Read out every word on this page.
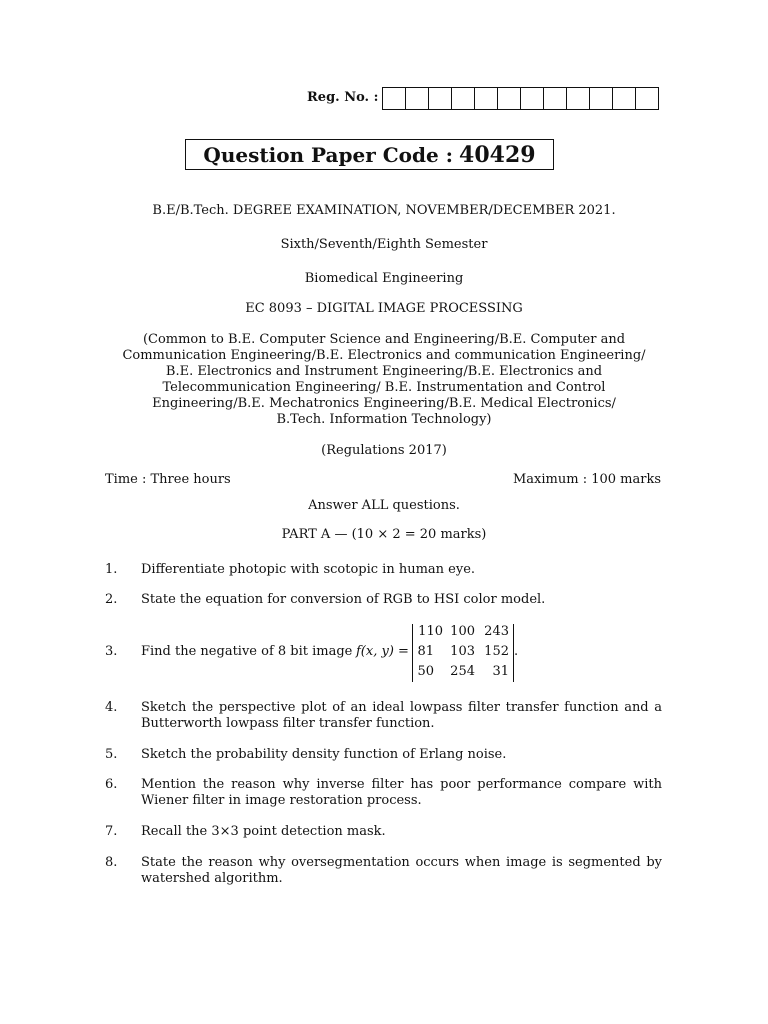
Reg. No. :
Question Paper Code : 40429
B.E/B.Tech. DEGREE EXAMINATION, NOVEMBER/DECEMBER 2021.
Sixth/Seventh/Eighth Semester
Biomedical Engineering
EC 8093 – DIGITAL IMAGE PROCESSING
(Common to B.E. Computer Science and Engineering/B.E. Computer and
Communication Engineering/B.E. Electronics and communication Engineering/
B.E. Electronics and Instrument Engineering/B.E. Electronics and
Telecommunication Engineering/ B.E. Instrumentation and Control
Engineering/B.E. Mechatronics Engineering/B.E. Medical Electronics/
B.Tech. Information Technology)
(Regulations 2017)
Time : Three hours	Maximum : 100 marks
Answer ALL questions.
PART A — (10 × 2 = 20 marks)
1. Differentiate photopic with scotopic in human eye.
2. State the equation for conversion of RGB to HSI color model.
3. Find the negative of 8 bit image f(x, y) =
110 100 243
81	103 152
50	254	31
.
4. Sketch the perspective plot of an ideal lowpass filter transfer function and a Butterworth lowpass filter transfer function.
5. Sketch the probability density function of Erlang noise.
6. Mention the reason why inverse filter has poor performance compare with Wiener filter in image restoration process.
7. Recall the 3×3 point detection mask.
8. State the reason why oversegmentation occurs when image is segmented by watershed algorithm.
